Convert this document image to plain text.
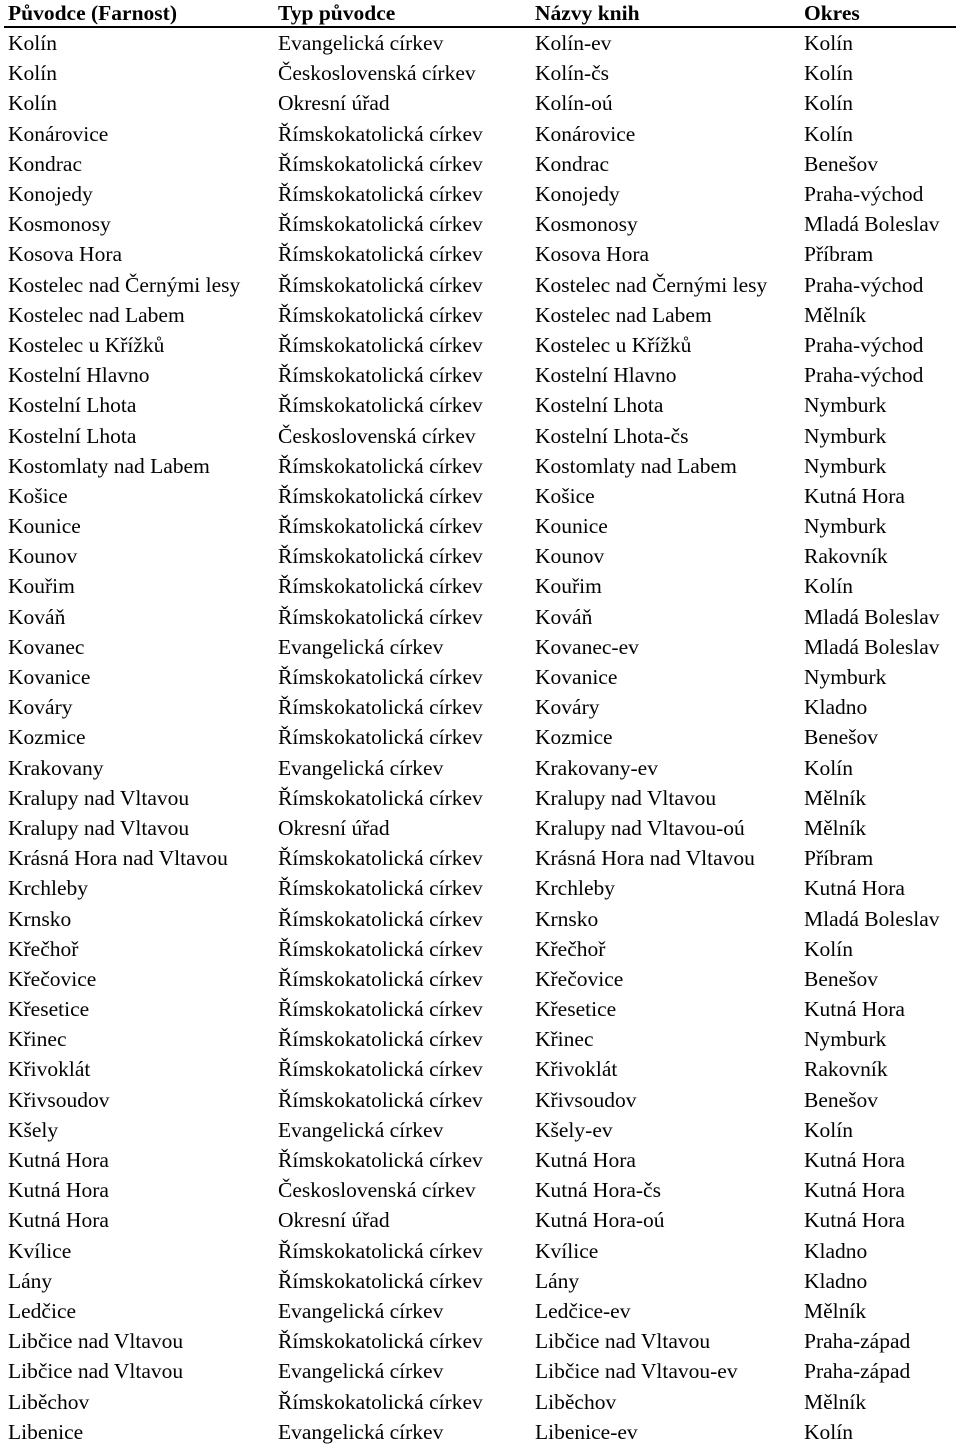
Původce (Farnost)	Typ původce	Názvy knih	Okres
Kolín	Evangelická církev	Kolín-ev	Kolín
Kolín	Československá církev	Kolín-čs	Kolín
Kolín	Okresní úřad	Kolín-oú	Kolín
Konárovice	Římskokatolická církev	Konárovice	Kolín
Kondrac	Římskokatolická církev	Kondrac	Benešov
Konojedy	Římskokatolická církev	Konojedy	Praha-východ
Kosmonosy	Římskokatolická církev	Kosmonosy	Mladá Boleslav
Kosova Hora	Římskokatolická církev	Kosova Hora	Příbram
Kostelec nad Černými lesy	Římskokatolická církev	Kostelec nad Černými lesy	Praha-východ
Kostelec nad Labem	Římskokatolická církev	Kostelec nad Labem	Mělník
Kostelec u Křížků	Římskokatolická církev	Kostelec u Křížků	Praha-východ
Kostelní Hlavno	Římskokatolická církev	Kostelní Hlavno	Praha-východ
Kostelní Lhota	Římskokatolická církev	Kostelní Lhota	Nymburk
Kostelní Lhota	Československá církev	Kostelní Lhota-čs	Nymburk
Kostomlaty nad Labem	Římskokatolická církev	Kostomlaty nad Labem	Nymburk
Košice	Římskokatolická církev	Košice	Kutná Hora
Kounice	Římskokatolická církev	Kounice	Nymburk
Kounov	Římskokatolická církev	Kounov	Rakovník
Kouřim	Římskokatolická církev	Kouřim	Kolín
Kováň	Římskokatolická církev	Kováň	Mladá Boleslav
Kovanec	Evangelická církev	Kovanec-ev	Mladá Boleslav
Kovanice	Římskokatolická církev	Kovanice	Nymburk
Kováry	Římskokatolická církev	Kováry	Kladno
Kozmice	Římskokatolická církev	Kozmice	Benešov
Krakovany	Evangelická církev	Krakovany-ev	Kolín
Kralupy nad Vltavou	Římskokatolická církev	Kralupy nad Vltavou	Mělník
Kralupy nad Vltavou	Okresní úřad	Kralupy nad Vltavou-oú	Mělník
Krásná Hora nad Vltavou	Římskokatolická církev	Krásná Hora nad Vltavou	Příbram
Krchleby	Římskokatolická církev	Krchleby	Kutná Hora
Krnsko	Římskokatolická církev	Krnsko	Mladá Boleslav
Křečhoř	Římskokatolická církev	Křečhoř	Kolín
Křečovice	Římskokatolická církev	Křečovice	Benešov
Křesetice	Římskokatolická církev	Křesetice	Kutná Hora
Křinec	Římskokatolická církev	Křinec	Nymburk
Křivoklát	Římskokatolická církev	Křivoklát	Rakovník
Křivsoudov	Římskokatolická církev	Křivsoudov	Benešov
Kšely	Evangelická církev	Kšely-ev	Kolín
Kutná Hora	Římskokatolická církev	Kutná Hora	Kutná Hora
Kutná Hora	Československá církev	Kutná Hora-čs	Kutná Hora
Kutná Hora	Okresní úřad	Kutná Hora-oú	Kutná Hora
Kvílice	Římskokatolická církev	Kvílice	Kladno
Lány	Římskokatolická církev	Lány	Kladno
Ledčice	Evangelická církev	Ledčice-ev	Mělník
Libčice nad Vltavou	Římskokatolická církev	Libčice nad Vltavou	Praha-západ
Libčice nad Vltavou	Evangelická církev	Libčice nad Vltavou-ev	Praha-západ
Liběchov	Římskokatolická církev	Liběchov	Mělník
Libenice	Evangelická církev	Libenice-ev	Kolín
